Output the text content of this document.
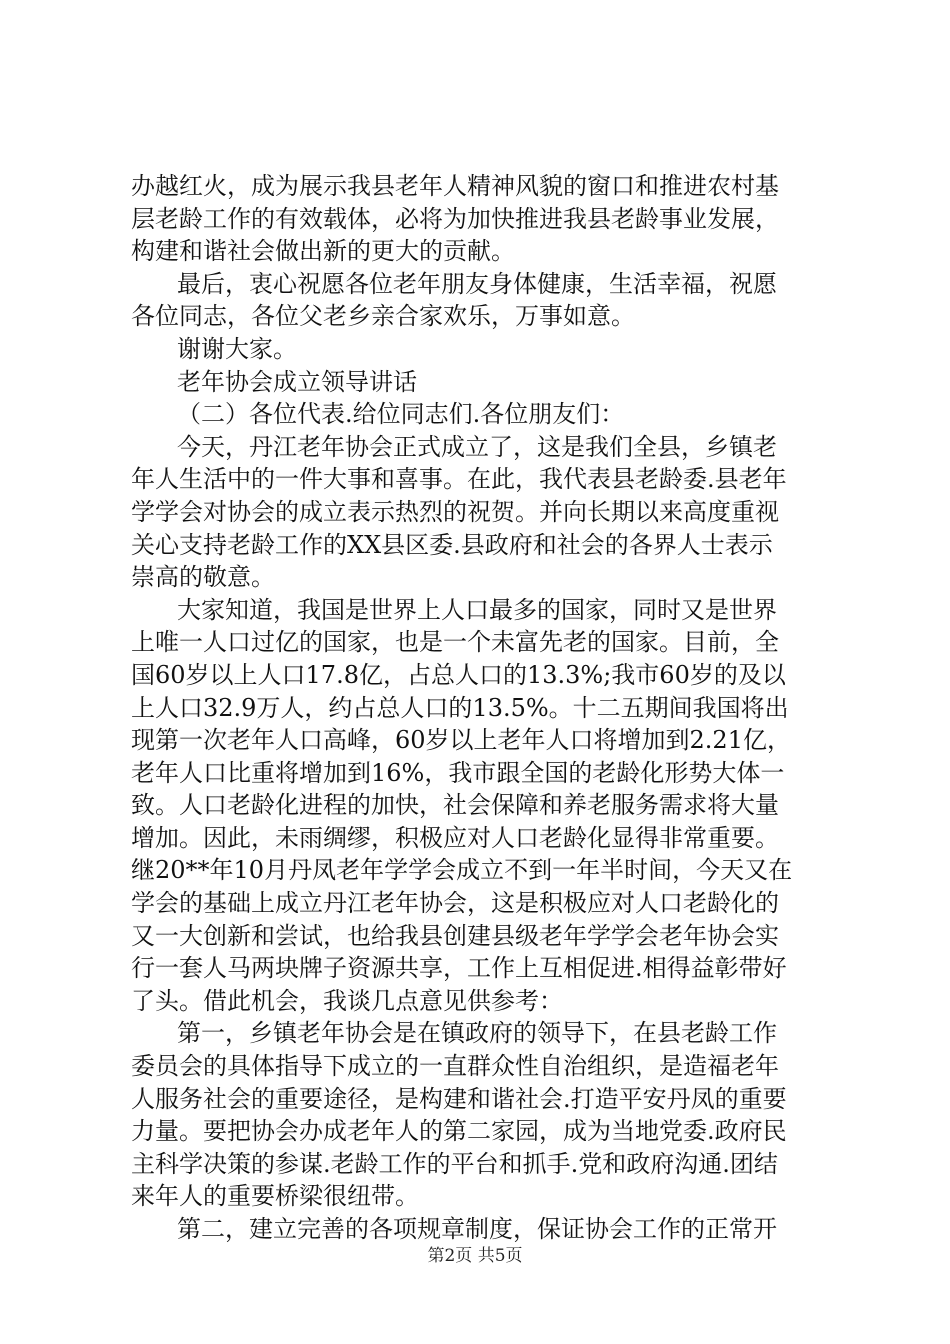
办越红火，成为展示我县老年人精神风貌的窗口和推进农村基
层老龄工作的有效载体，必将为加快推进我县老龄事业发展，
构建和谐社会做出新的更大的贡献。
最后，衷心祝愿各位老年朋友身体健康，生活幸福，祝愿
各位同志，各位父老乡亲合家欢乐，万事如意。
谢谢大家。
老年协会成立领导讲话
（二）各位代表.给位同志们.各位朋友们：
今天，丹江老年协会正式成立了，这是我们全县，乡镇老
年人生活中的一件大事和喜事。在此，我代表县老龄委.县老年
学学会对协会的成立表示热烈的祝贺。并向长期以来高度重视
关心支持老龄工作的XX县区委.县政府和社会的各界人士表示
崇高的敬意。
大家知道，我国是世界上人口最多的国家，同时又是世界
上唯一人口过亿的国家，也是一个未富先老的国家。目前，全
国60岁以上人口17.8亿，占总人口的13.3%;我市60岁的及以
上人口32.9万人，约占总人口的13.5%。十二五期间我国将出
现第一次老年人口高峰，60岁以上老年人口将增加到2.21亿，
老年人口比重将增加到16%，我市跟全国的老龄化形势大体一
致。人口老龄化进程的加快，社会保障和养老服务需求将大量
增加。因此，未雨绸缪，积极应对人口老龄化显得非常重要。
继20**年10月丹凤老年学学会成立不到一年半时间，今天又在
学会的基础上成立丹江老年协会，这是积极应对人口老龄化的
又一大创新和尝试，也给我县创建县级老年学学会老年协会实
行一套人马两块牌子资源共享，工作上互相促进.相得益彰带好
了头。借此机会，我谈几点意见供参考：
第一，乡镇老年协会是在镇政府的领导下，在县老龄工作
委员会的具体指导下成立的一直群众性自治组织，是造福老年
人服务社会的重要途径，是构建和谐社会.打造平安丹凤的重要
力量。要把协会办成老年人的第二家园，成为当地党委.政府民
主科学决策的参谋.老龄工作的平台和抓手.党和政府沟通.团结
来年人的重要桥梁很纽带。
第二，建立完善的各项规章制度，保证协会工作的正常开
第2页 共5页
